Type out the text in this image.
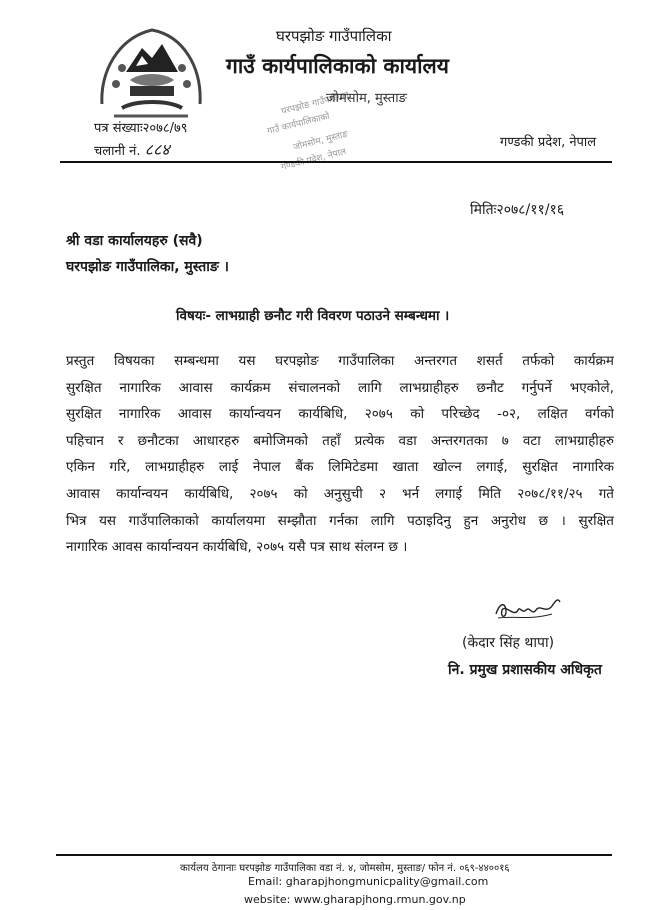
घरपझोङ गाउँपालिका
गाउँ कार्यपालिकाको
जोमसोम, मुस्ताङ
गण्डकी प्रदेश, नेपाल
घरपझोङ गाउँपालिका
गाउँ कार्यपालिकाको कार्यालय
जोमसोम, मुस्ताङ
पत्र संख्याः२०७८/७९
चलानी नं. ८८४	गण्डकी प्रदेश, नेपाल
मितिः२०७८/११/१६
श्री वडा कार्यालयहरु (सवै)
घरपझोङ गाउँपालिका, मुस्ताङ ।
विषयः- लाभग्राही छनौट गरी विवरण पठाउने सम्बन्धमा ।
प्रस्तुत विषयका सम्बन्धमा यस घरपझोङ गाउँपालिका अन्तरगत शसर्त तर्फको कार्यक्रम
सुरक्षित नागारिक आवास कार्यक्रम संचालनको लागि लाभग्राहीहरु छनौट गर्नुपर्ने भएकोले,
सुरक्षित नागारिक आवास कार्यान्वयन कार्यबिधि, २०७५ को परिच्छेद -०२, लक्षित वर्गको
पहिचान र छनौटका आधारहरु बमोजिमको तहाँ प्रत्येक वडा अन्तरगतका ७ वटा लाभग्राहीहरु
एकिन गरि, लाभग्राहीहरु लाई नेपाल बैंक लिमिटेडमा खाता खोल्न लगाई, सुरक्षित नागारिक
आवास कार्यान्वयन कार्यबिधि, २०७५ को अनुसुची २ भर्न लगाई मिति २०७८/११/२५ गते
भित्र यस गाउँपालिकाको कार्यालयमा सम्झौता गर्नका लागि पठाइदिनु हुन अनुरोध छ । सुरक्षित
नागारिक आवस कार्यान्वयन कार्यबिधि, २०७५ यसै पत्र साथ संलग्न छ ।
(केदार सिंह थापा)
नि. प्रमुख प्रशासकीय अधिकृत
कार्यलय ठेगानाः घरपझोङ गाउँपालिका वडा नं. ४, जोमसोम, मुस्ताङ/ फोन नं. ०६९-४४००१६
Email: gharapjhongmunicpality@gmail.com
website: www.gharapjhong.rmun.gov.np
